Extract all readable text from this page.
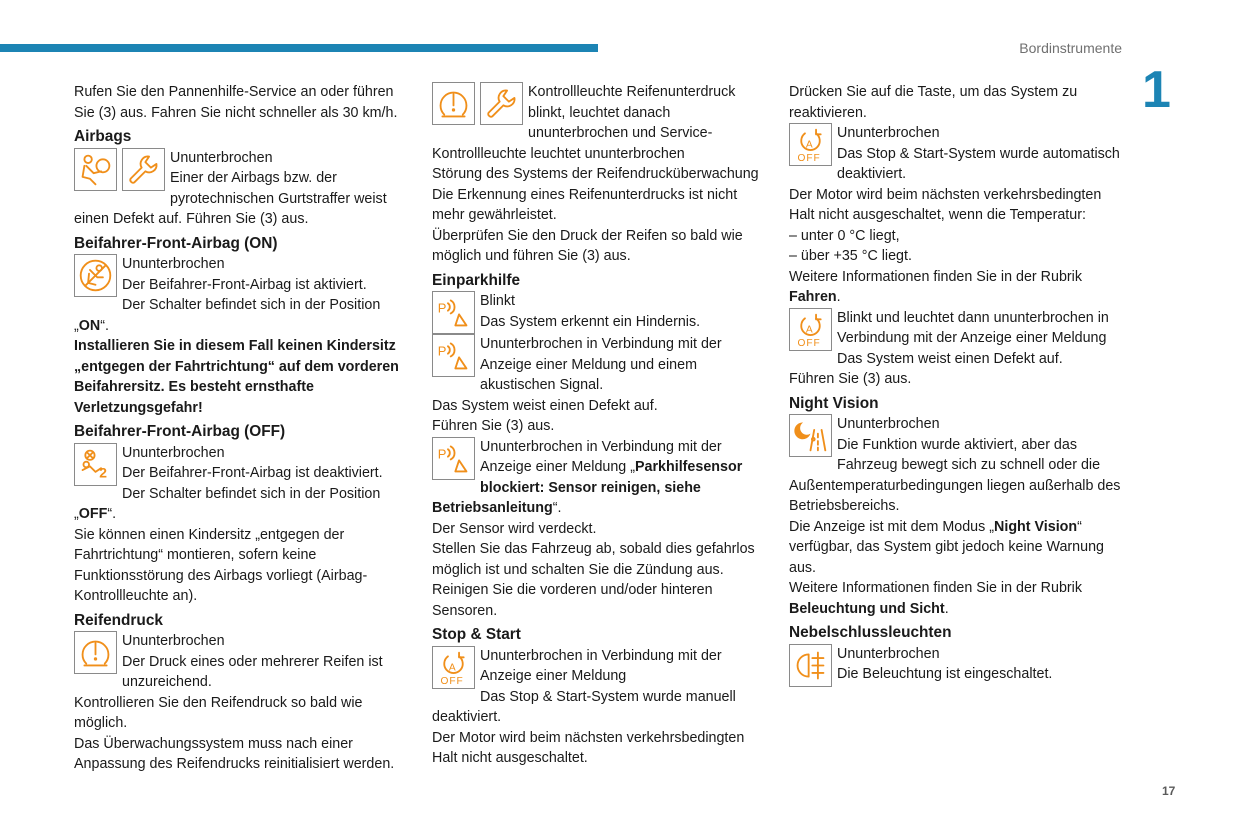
Bordinstrumente
1
17

Rufen Sie den Pannenhilfe-Service an oder führen Sie (3) aus. Fahren Sie nicht schneller als 30 km/h.

Airbags

Ununterbrochen

Einer der Airbags bzw. der pyrotechnischen Gurtstraffer weist einen Defekt auf. Führen Sie (3) aus.

Beifahrer-Front-Airbag (ON)

Ununterbrochen

Der Beifahrer-Front-Airbag ist aktiviert.

Der Schalter befindet sich in der Position „ON“.

Installieren Sie in diesem Fall keinen Kindersitz „entgegen der Fahrtrichtung“ auf dem vorderen Beifahrersitz. Es besteht ernsthafte Verletzungsgefahr!

Beifahrer-Front-Airbag (OFF)
2

Ununterbrochen

Der Beifahrer-Front-Airbag ist deaktiviert.

Der Schalter befindet sich in der Position „OFF“.

Sie können einen Kindersitz „entgegen der Fahrtrichtung“ montieren, sofern keine Funktionsstörung des Airbags vorliegt (Airbag-Kontrollleuchte an).

Reifendruck

Ununterbrochen

Der Druck eines oder mehrerer Reifen ist unzureichend.

Kontrollieren Sie den Reifendruck so bald wie möglich.

Das Überwachungssystem muss nach einer Anpassung des Reifendrucks reinitialisiert werden.

Kontrollleuchte Reifenunterdruck blinkt, leuchtet danach ununterbrochen und Service-Kontrollleuchte leuchtet ununterbrochen

Störung des Systems der Reifendrucküberwachung

Die Erkennung eines Reifenunterdrucks ist nicht mehr gewährleistet.

Überprüfen Sie den Druck der Reifen so bald wie möglich und führen Sie (3) aus.

Einparkhilfe
P	Blinkt

Das System erkennt ein Hindernis.

P	Ununterbrochen in Verbindung mit der Anzeige einer Meldung und einem akustischen Signal.

Das System weist einen Defekt auf.

Führen Sie (3) aus.

P	Ununterbrochen in Verbindung mit der Anzeige einer Meldung „Parkhilfesensor blockiert: Sensor reinigen, siehe Betriebsanleitung“.

Der Sensor wird verdeckt.

Stellen Sie das Fahrzeug ab, sobald dies gefahrlos möglich ist und schalten Sie die Zündung aus.

Reinigen Sie die vorderen und/oder hinteren Sensoren.

Stop & Start
A
OFF

Ununterbrochen in Verbindung mit der Anzeige einer Meldung

Das Stop & Start-System wurde manuell deaktiviert.

Der Motor wird beim nächsten verkehrsbedingten Halt nicht ausgeschaltet.

Drücken Sie auf die Taste, um das System zu reaktivieren.

A
OFF

Ununterbrochen

Das Stop & Start-System wurde automatisch deaktiviert.

Der Motor wird beim nächsten verkehrsbedingten Halt nicht ausgeschaltet, wenn die Temperatur:

– unter 0 °C liegt,

– über +35 °C liegt.

Weitere Informationen finden Sie in der Rubrik Fahren.

A
OFF

Blinkt und leuchtet dann ununterbrochen in Verbindung mit der Anzeige einer Meldung

Das System weist einen Defekt auf.

Führen Sie (3) aus.

Night Vision

Ununterbrochen

Die Funktion wurde aktiviert, aber das Fahrzeug bewegt sich zu schnell oder die Außentemperaturbedingungen liegen außerhalb des Betriebsbereichs.

Die Anzeige ist mit dem Modus „Night Vision“ verfügbar, das System gibt jedoch keine Warnung aus.

Weitere Informationen finden Sie in der Rubrik Beleuchtung und Sicht.

Nebelschlussleuchten

Ununterbrochen

Die Beleuchtung ist eingeschaltet.
